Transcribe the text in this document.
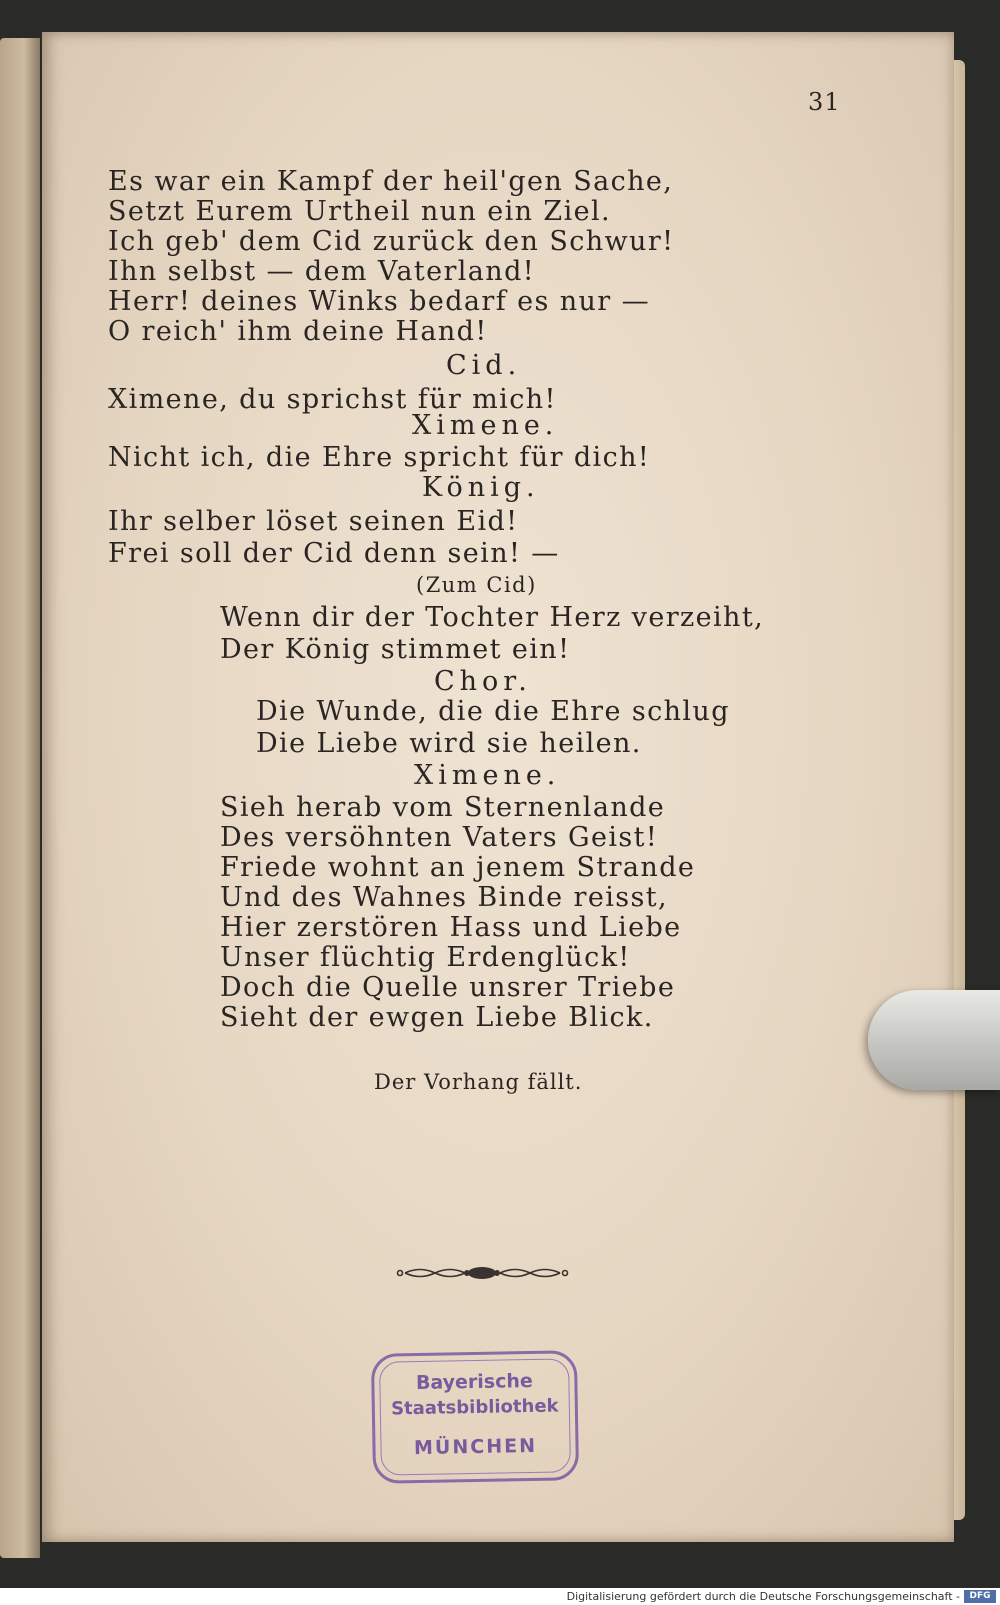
31

Es war ein Kampf der heil'gen Sache,

Setzt Eurem Urtheil nun ein Ziel.

Ich geb' dem Cid zurück den Schwur!

Ihn selbst — dem Vaterland!

Herr! deines Winks bedarf es nur —

O reich' ihm deine Hand!

Cid.

Ximene, du sprichst für mich!

Ximene.

Nicht ich, die Ehre spricht für dich!

König.

Ihr selber löset seinen Eid!

Frei soll der Cid denn sein! —

(Zum Cid)

Wenn dir der Tochter Herz verzeiht,

Der König stimmet ein!

Chor.

Die Wunde, die die Ehre schlug

Die Liebe wird sie heilen.

Ximene.

Sieh herab vom Sternenlande

Des versöhnten Vaters Geist!

Friede wohnt an jenem Strande

Und des Wahnes Binde reisst,

Hier zerstören Hass und Liebe

Unser flüchtig Erdenglück!

Doch die Quelle unsrer Triebe

Sieht der ewgen Liebe Blick.

Der Vorhang fällt.

Bayerische
Staatsbibliothek
MÜNCHEN
Digitalisierung gefördert durch die Deutsche Forschungsgemeinschaft -	DFG
